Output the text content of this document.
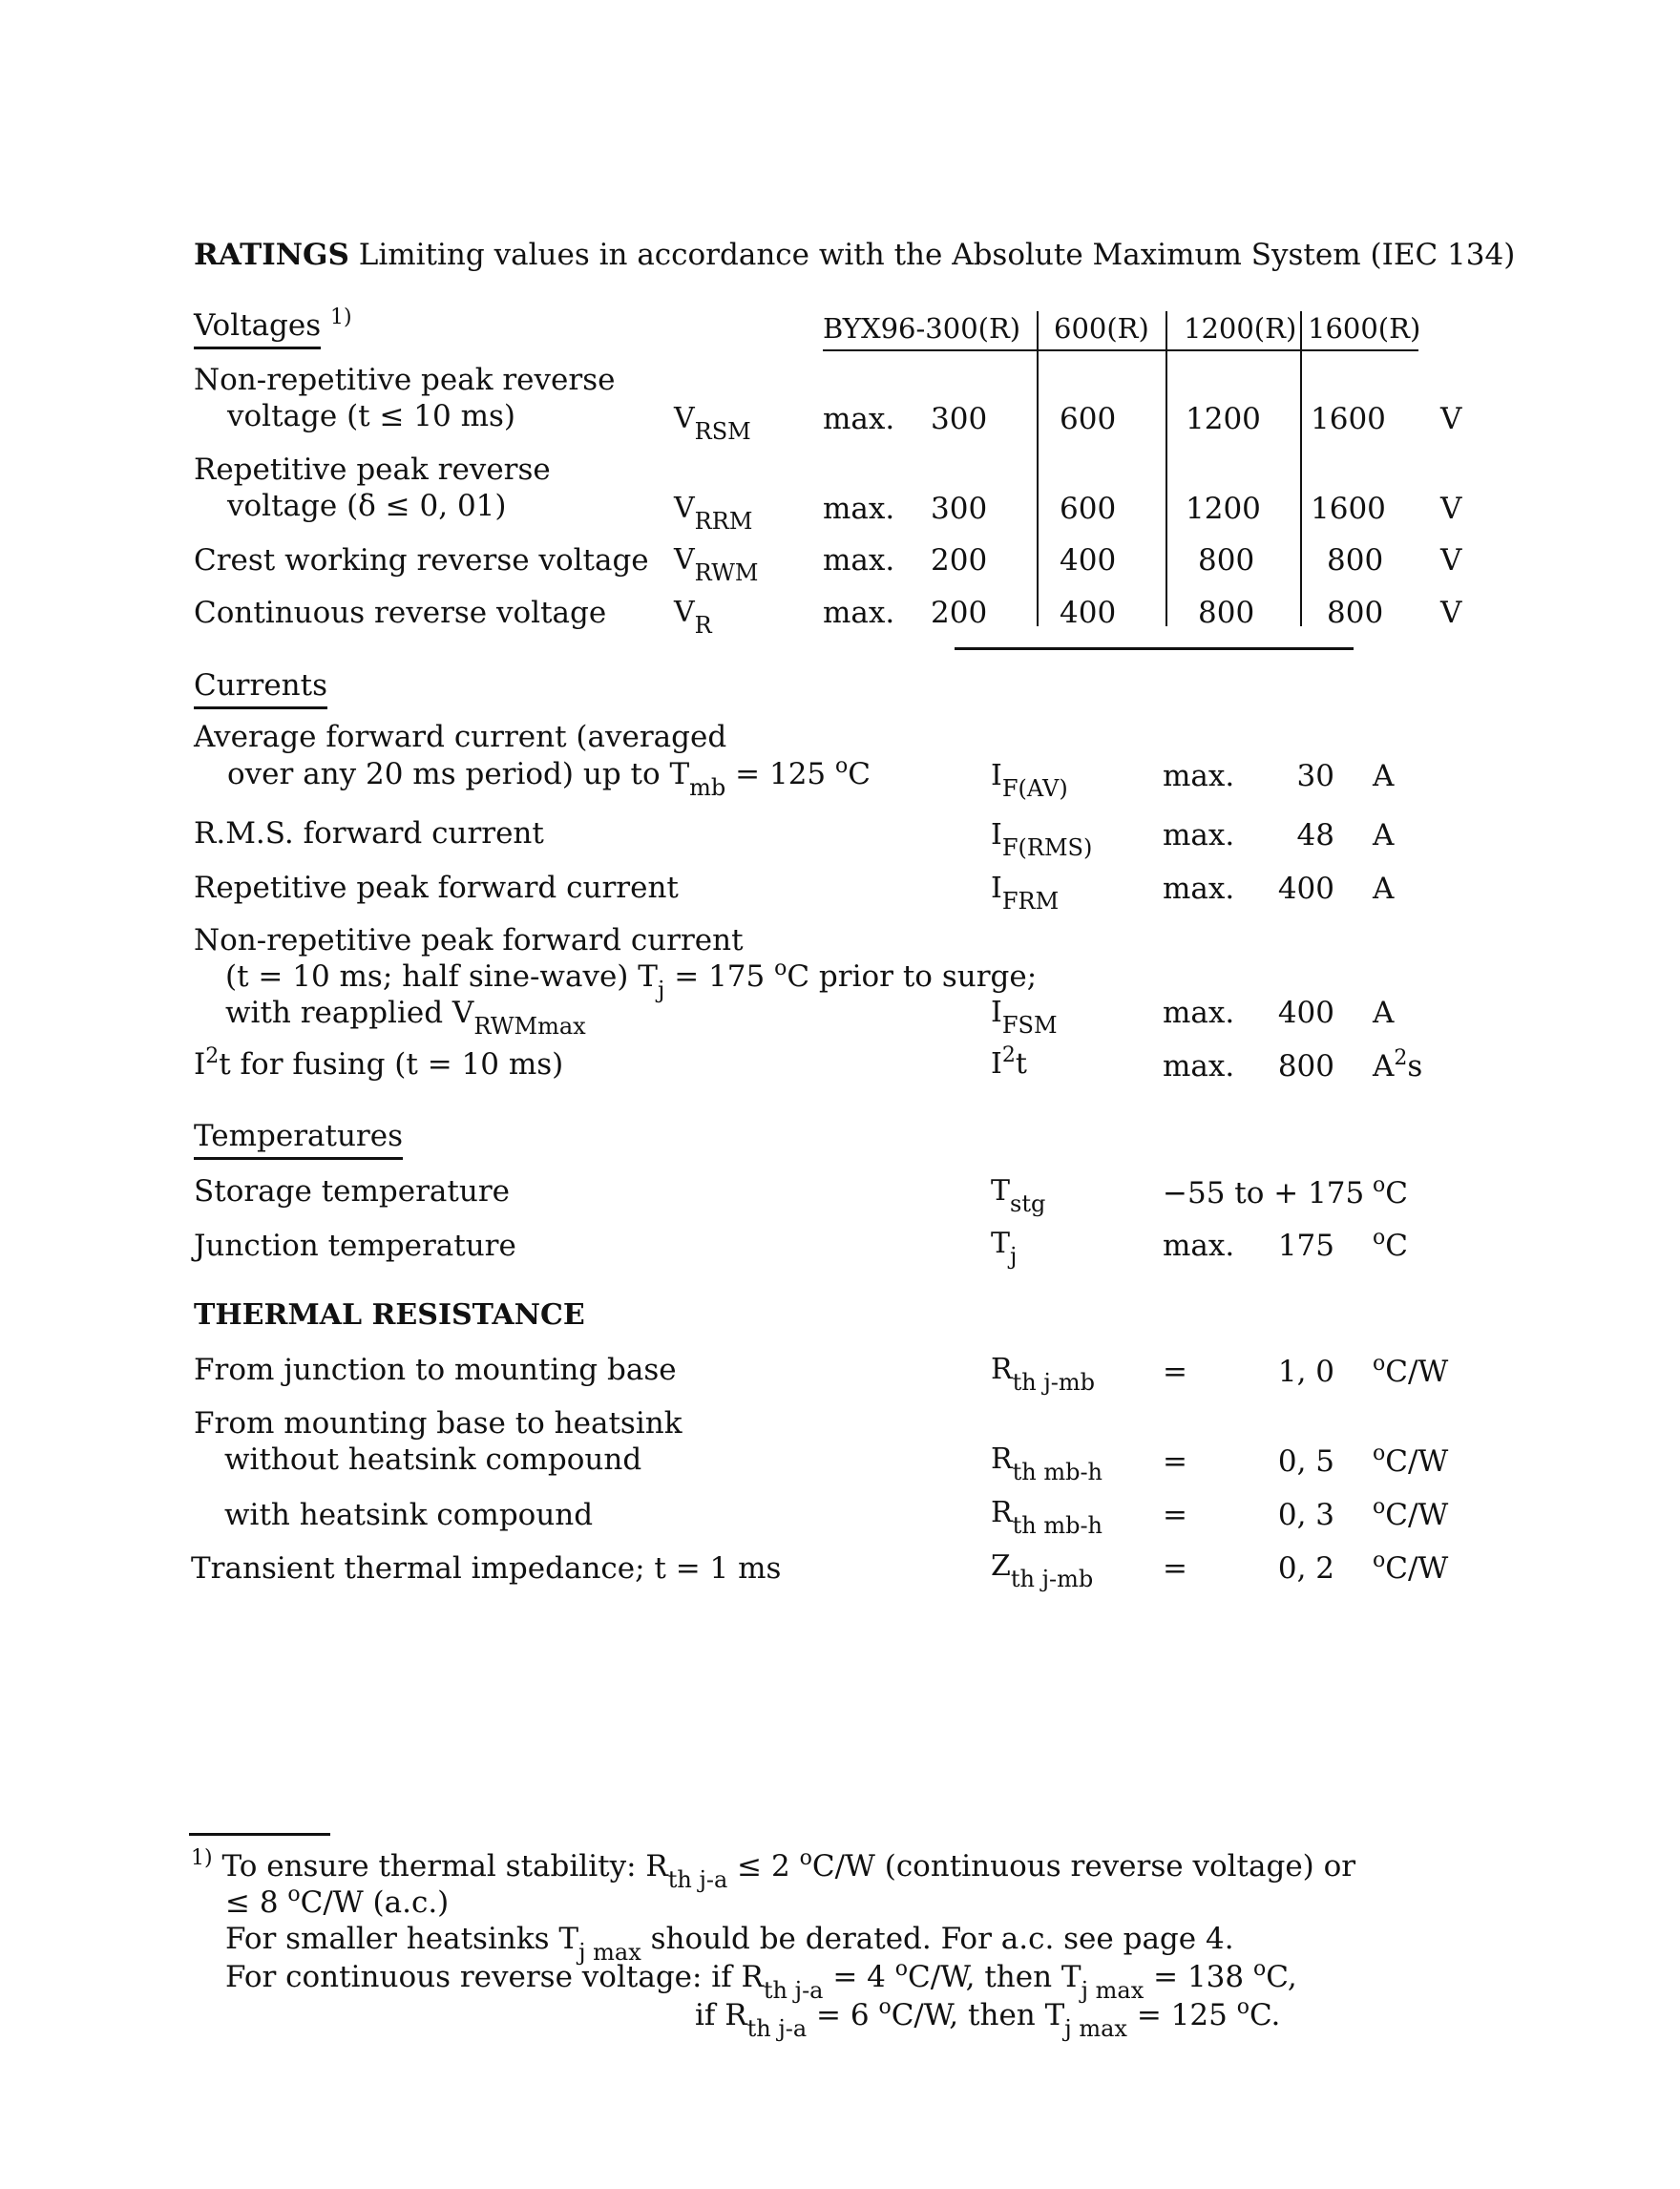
RATINGS Limiting values in accordance with the Absolute Maximum System (IEC 134)
Voltages $^{1)}$	BYX96-300(R) 600(R) 1200(R) 1600(R)
Non-repetitive peak reverse
voltage (t ≤ 10 ms)	$V_{RSM}$ max. 300 600 1200 1600 V
Repetitive peak reverse
voltage (δ ≤ 0, 01)	$V_{RRM}$ max. 300 600 1200 1600 V
Crest working reverse voltage $V_{RWM}$ max. 200 400	800 800 V
Continuous reverse voltage $V_R$	max. 200 400	800 800 V
Currents
Average forward current (averaged
over any 20 ms period) up to $T_{mb} = 125$ $^o$C	$I_{F(AV)}$	max.	30 A
R.M.S. forward current	$I_{F(RMS)}$ max.	48 A
Repetitive peak forward current	$I_{FRM}$	max.	400 A
Non-repetitive peak forward current
(t = 10 ms; half sine-wave) $T_j = 175$ $^o$C prior to surge;
with reapplied $V_{RWMmax}$	$I_{FSM}$	max.	400 A
$I^2t$ for fusing (t = 10 ms)	$I^2t$	max.	800 $A^2s$
Temperatures
Storage temperature	$T_{stg}$	−55 to + 175 $^o$C
Junction temperature	$T_j$	max.	175 $^o$C
THERMAL RESISTANCE
From junction to mounting base	$R_{th j-mb}$ =	1, 0 $^o$C/W
From mounting base to heatsink
without heatsink compound	$R_{th mb-h}$ =	0, 5 $^o$C/W
with heatsink compound	$R_{th mb-h}$ =	0, 3 $^o$C/W
Transient thermal impedance; t = 1 ms	$Z_{th j-mb}$ =	0, 2 $^o$C/W
$^{1)}$ To ensure thermal stability: $R_{th j-a} \le 2$ $^o$C/W (continuous reverse voltage) or
≤ 8 $^o$C/W (a.c.)
For smaller heatsinks $T_{j max}$ should be derated. For a.c. see page 4.
For continuous reverse voltage: if $R_{th j-a} = 4$ $^o$C/W, then $T_{j max} = 138$ $^o$C,
if $R_{th j-a} = 6$ $^o$C/W, then $T_{j max} = 125$ $^o$C.
